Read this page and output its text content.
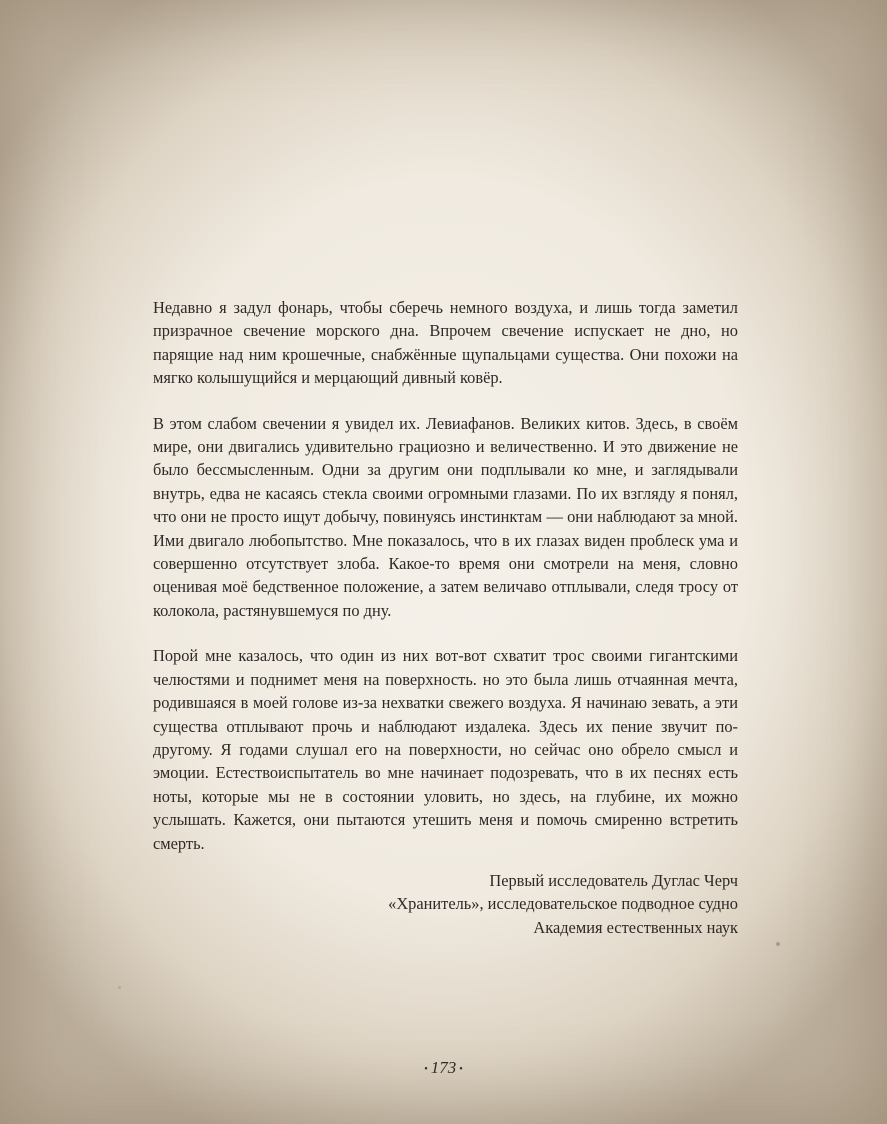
Недавно я задул фонарь, чтобы сберечь немного воздуха, и лишь тогда заметил призрачное свечение морского дна. Впрочем свечение испускает не дно, но парящие над ним крошечные, снабжённые щупальцами существа. Они похожи на мягко колышущийся и мерцающий дивный ковёр.

В этом слабом свечении я увидел их. Левиафанов. Великих китов. Здесь, в своём мире, они двигались удивительно грациозно и величественно. И это движение не было бессмысленным. Одни за другим они подплывали ко мне, и заглядывали внутрь, едва не касаясь стекла своими огромными глазами. По их взгляду я понял, что они не просто ищут добычу, повинуясь инстинктам — они наблюдают за мной. Ими двигало любопытство. Мне показалось, что в их глазах виден проблеск ума и совершенно отсутствует злоба. Какое-то время они смотрели на меня, словно оценивая моё бедственное положение, а затем величаво отплывали, следя тросу от колокола, растянувшемуся по дну.

Порой мне казалось, что один из них вот-вот схватит трос своими гигантскими челюстями и поднимет меня на поверхность. но это была лишь отчаянная мечта, родившаяся в моей голове из-за нехватки свежего воздуха. Я начинаю зевать, а эти существа отплывают прочь и наблюдают издалека. Здесь их пение звучит по-другому. Я годами слушал его на поверхности, но сейчас оно обрело смысл и эмоции. Естествоиспытатель во мне начинает подозревать, что в их песнях есть ноты, которые мы не в состоянии уловить, но здесь, на глубине, их можно услышать. Кажется, они пытаются утешить меня и помочь смиренно встретить смерть.

Первый исследователь Дуглас Черч
«Хранитель», исследовательское подводное судно
Академия естественных наук
• 173 •
